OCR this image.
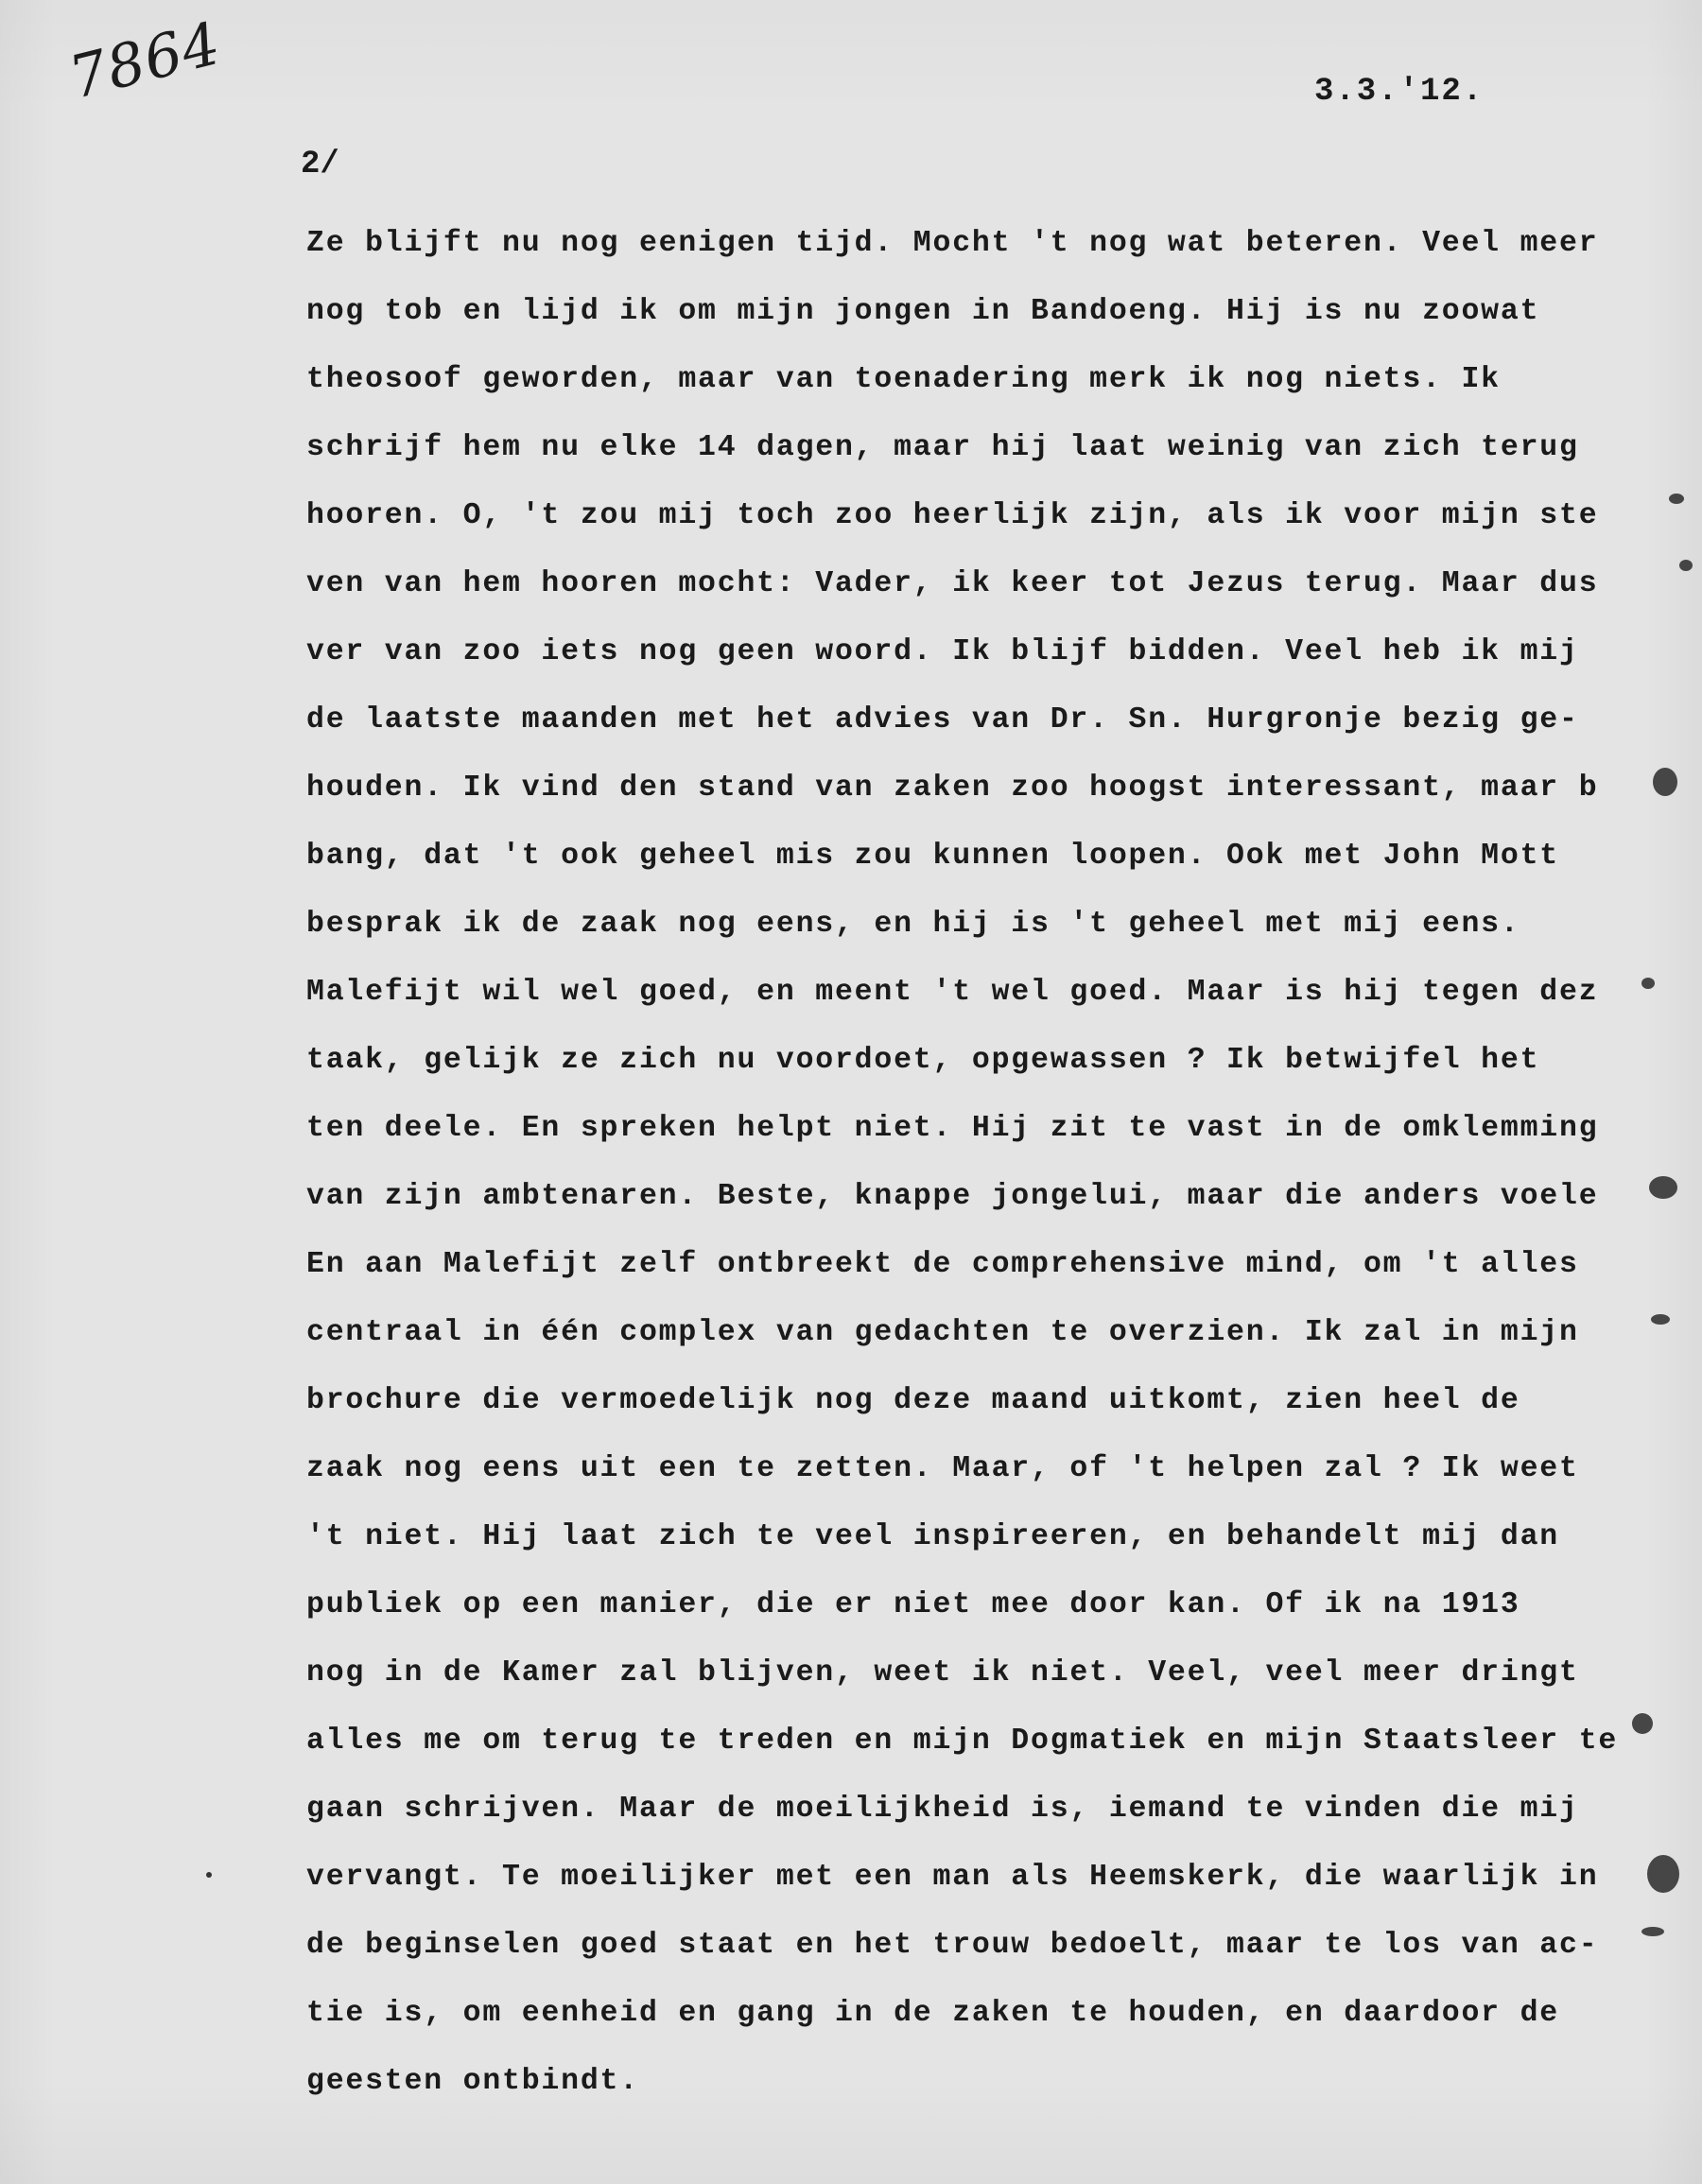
7864	3.3.'12.
2/
Ze blijft nu nog eenigen tijd. Mocht 't nog wat beteren. Veel meer
nog tob en lijd ik om mijn jongen in Bandoeng. Hij is nu zoowat
theosoof geworden, maar van toenadering merk ik nog niets. Ik
schrijf hem nu elke 14 dagen, maar hij laat weinig van zich terug
hooren. O, 't zou mij toch zoo heerlijk zijn, als ik voor mijn ste
ven van hem hooren mocht: Vader, ik keer tot Jezus terug. Maar dus
ver van zoo iets nog geen woord. Ik blijf bidden. Veel heb ik mij
de laatste maanden met het advies van Dr. Sn. Hurgronje bezig ge-
houden. Ik vind den stand van zaken zoo hoogst interessant, maar b
bang, dat 't ook geheel mis zou kunnen loopen. Ook met John Mott
besprak ik de zaak nog eens, en hij is 't geheel met mij eens.
Malefijt wil wel goed, en meent 't wel goed. Maar is hij tegen dez
taak, gelijk ze zich nu voordoet, opgewassen ? Ik betwijfel het
ten deele. En spreken helpt niet. Hij zit te vast in de omklemming
van zijn ambtenaren. Beste, knappe jongelui, maar die anders voele
En aan Malefijt zelf ontbreekt de comprehensive mind, om 't alles
centraal in één complex van gedachten te overzien. Ik zal in mijn
brochure die vermoedelijk nog deze maand uitkomt, zien heel de
zaak nog eens uit een te zetten. Maar, of 't helpen zal ? Ik weet
't niet. Hij laat zich te veel inspireeren, en behandelt mij dan
publiek op een manier, die er niet mee door kan. Of ik na 1913
nog in de Kamer zal blijven, weet ik niet. Veel, veel meer dringt
alles me om terug te treden en mijn Dogmatiek en mijn Staatsleer te
gaan schrijven. Maar de moeilijkheid is, iemand te vinden die mij
vervangt. Te moeilijker met een man als Heemskerk, die waarlijk in
de beginselen goed staat en het trouw bedoelt, maar te los van ac-
tie is, om eenheid en gang in de zaken te houden, en daardoor de
geesten ontbindt.
